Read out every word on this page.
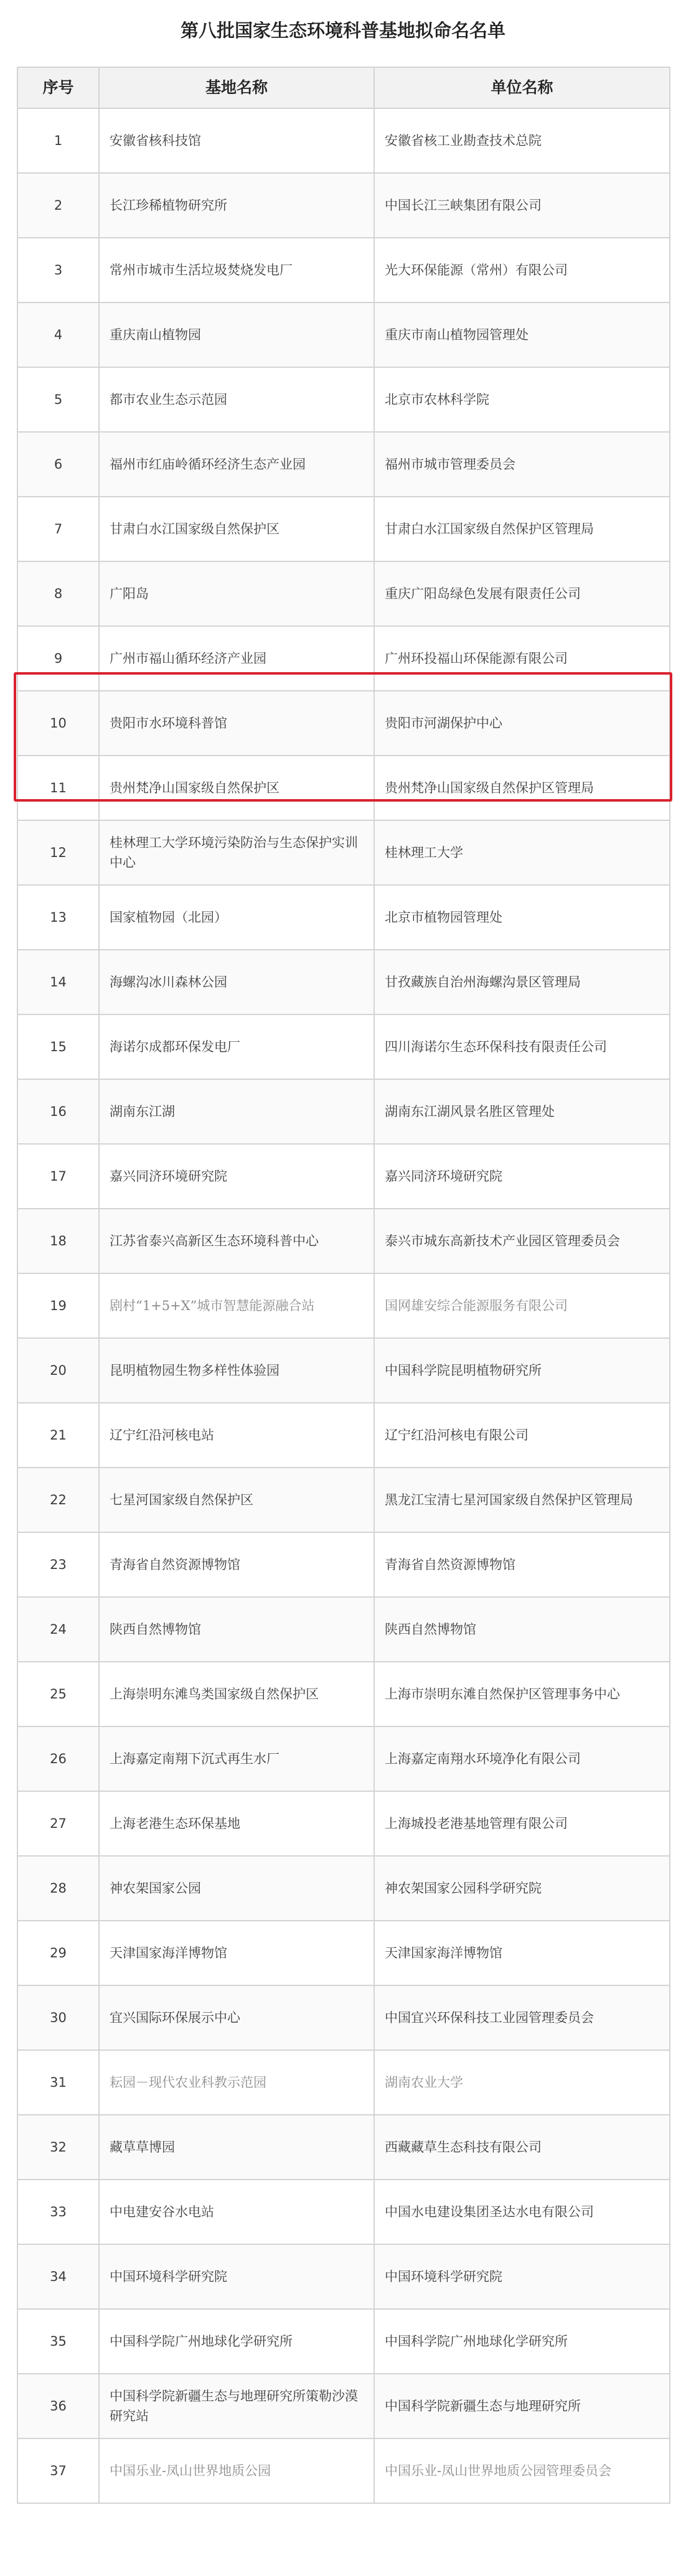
第八批国家生态环境科普基地拟命名名单
序号	基地名称	单位名称
1	安徽省核科技馆	安徽省核工业勘查技术总院
2	长江珍稀植物研究所	中国长江三峡集团有限公司
3	常州市城市生活垃圾焚烧发电厂	光大环保能源（常州）有限公司
4	重庆南山植物园	重庆市南山植物园管理处
5	都市农业生态示范园	北京市农林科学院
6	福州市红庙岭循环经济生态产业园	福州市城市管理委员会
7	甘肃白水江国家级自然保护区	甘肃白水江国家级自然保护区管理局
8	广阳岛	重庆广阳岛绿色发展有限责任公司
9	广州市福山循环经济产业园	广州环投福山环保能源有限公司
10	贵阳市水环境科普馆	贵阳市河湖保护中心
11	贵州梵净山国家级自然保护区	贵州梵净山国家级自然保护区管理局
12	桂林理工大学环境污染防治与生态保护实训中心	桂林理工大学
13	国家植物园（北园）	北京市植物园管理处
14	海螺沟冰川森林公园	甘孜藏族自治州海螺沟景区管理局
15	海诺尔成都环保发电厂	四川海诺尔生态环保科技有限责任公司
16	湖南东江湖	湖南东江湖风景名胜区管理处
17	嘉兴同济环境研究院	嘉兴同济环境研究院
18	江苏省泰兴高新区生态环境科普中心	泰兴市城东高新技术产业园区管理委员会
19	剧村“1+5+X”城市智慧能源融合站	国网雄安综合能源服务有限公司
20	昆明植物园生物多样性体验园	中国科学院昆明植物研究所
21	辽宁红沿河核电站	辽宁红沿河核电有限公司
22	七星河国家级自然保护区	黑龙江宝清七星河国家级自然保护区管理局
23	青海省自然资源博物馆	青海省自然资源博物馆
24	陕西自然博物馆	陕西自然博物馆
25	上海崇明东滩鸟类国家级自然保护区	上海市崇明东滩自然保护区管理事务中心
26	上海嘉定南翔下沉式再生水厂	上海嘉定南翔水环境净化有限公司
27	上海老港生态环保基地	上海城投老港基地管理有限公司
28	神农架国家公园	神农架国家公园科学研究院
29	天津国家海洋博物馆	天津国家海洋博物馆
30	宜兴国际环保展示中心	中国宜兴环保科技工业园管理委员会
31	耘园－现代农业科教示范园	湖南农业大学
32	藏草草博园	西藏藏草生态科技有限公司
33	中电建安谷水电站	中国水电建设集团圣达水电有限公司
34	中国环境科学研究院	中国环境科学研究院
35	中国科学院广州地球化学研究所	中国科学院广州地球化学研究所
36	中国科学院新疆生态与地理研究所策勒沙漠研究站	中国科学院新疆生态与地理研究所
37	中国乐业-凤山世界地质公园	中国乐业-凤山世界地质公园管理委员会
